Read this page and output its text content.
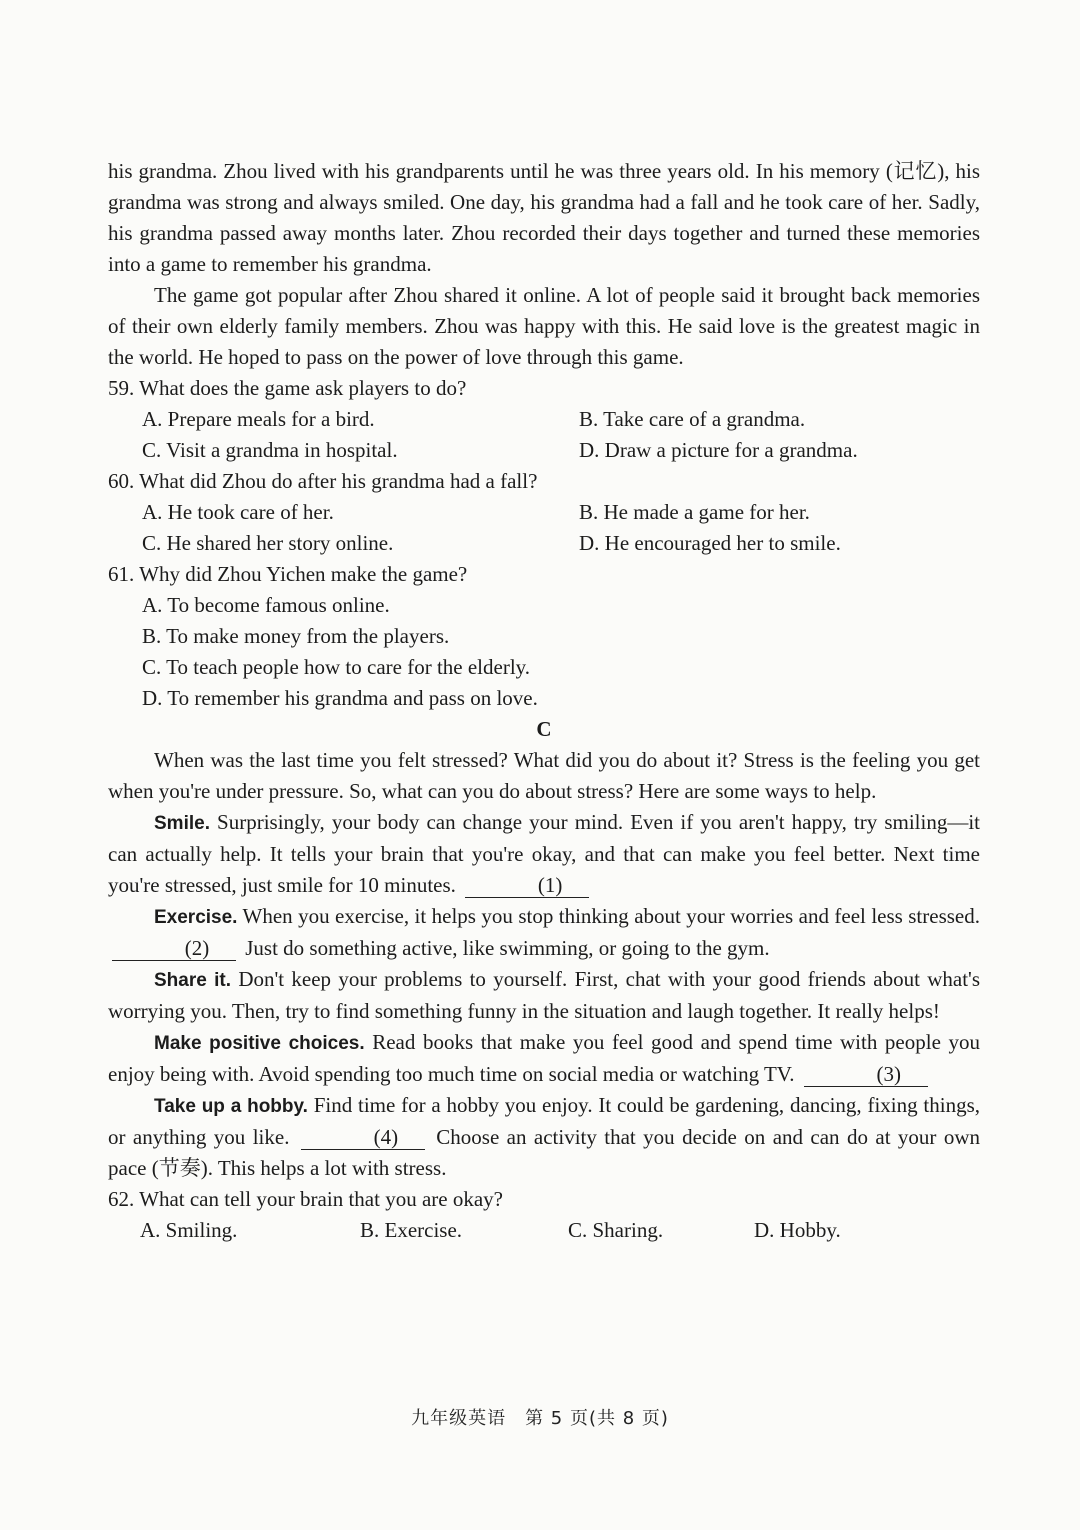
his grandma. Zhou lived with his grandparents until he was three years old. In his memory (记忆), his grandma was strong and always smiled. One day, his grandma had a fall and he took care of her. Sadly, his grandma passed away months later. Zhou recorded their days together and turned these memories into a game to remember his grandma.

The game got popular after Zhou shared it online. A lot of people said it brought back memories of their own elderly family members. Zhou was happy with this. He said love is the greatest magic in the world. He hoped to pass on the power of love through this game.

59. What does the game ask players to do?

A. Prepare meals for a bird.	B. Take care of a grandma.
C. Visit a grandma in hospital.	D. Draw a picture for a grandma.

60. What did Zhou do after his grandma had a fall?

A. He took care of her.	B. He made a game for her.
C. He shared her story online.	D. He encouraged her to smile.

61. Why did Zhou Yichen make the game?

A. To become famous online.
B. To make money from the players.
C. To teach people how to care for the elderly.
D. To remember his grandma and pass on love.

C

When was the last time you felt stressed? What did you do about it? Stress is the feeling you get when you're under pressure. So, what can you do about stress? Here are some ways to help.

Smile. Surprisingly, your body can change your mind. Even if you aren't happy, try smiling—it can actually help. It tells your brain that you're okay, and that can make you feel better. Next time you're stressed, just smile for 10 minutes.	(1)

Exercise. When you exercise, it helps you stop thinking about your worries and feel less stressed. (2) Just do something active, like swimming, or going to the gym.

Share it. Don't keep your problems to yourself. First, chat with your good friends about what's worrying you. Then, try to find something funny in the situation and laugh together. It really helps!

Make positive choices. Read books that make you feel good and spend time with people you enjoy being with. Avoid spending too much time on social media or watching TV.	(3)

Take up a hobby. Find time for a hobby you enjoy. It could be gardening, dancing, fixing things, or anything you like.	(4) Choose an activity that you decide on and can do at your own pace (节奏). This helps a lot with stress.

62. What can tell your brain that you are okay?

A. Smiling.	B. Exercise.	C. Sharing.	D. Hobby.
九年级英语　第 5 页(共 8 页)
